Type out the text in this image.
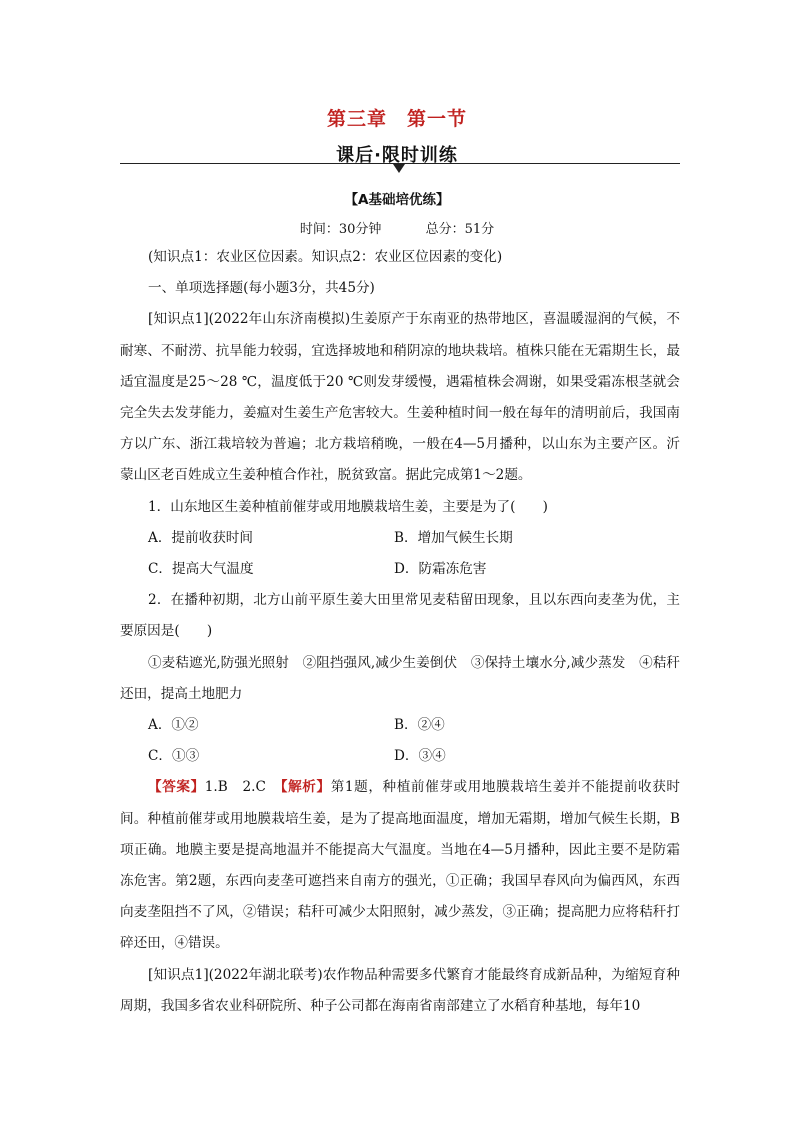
第三章　第一节
课后·限时训练
【A基础培优练】
时间：30分钟	总分：51分

(知识点1：农业区位因素。知识点2：农业区位因素的变化)

一、单项选择题(每小题3分，共45分)

[知识点1](2022年山东济南模拟)生姜原产于东南亚的热带地区，喜温暖湿润的气候，不耐寒、不耐涝、抗旱能力较弱，宜选择坡地和稍阴凉的地块栽培。植株只能在无霜期生长，最适宜温度是25～28 ℃，温度低于20 ℃则发芽缓慢，遇霜植株会凋谢，如果受霜冻根茎就会完全失去发芽能力，姜瘟对生姜生产危害较大。生姜种植时间一般在每年的清明前后，我国南方以广东、浙江栽培较为普遍；北方栽培稍晚，一般在4—5月播种，以山东为主要产区。沂蒙山区老百姓成立生姜种植合作社，脱贫致富。据此完成第1～2题。

1．山东地区生姜种植前催芽或用地膜栽培生姜，主要是为了(　　)

A．提前收获时间	B．增加气候生长期
C．提高大气温度	D．防霜冻危害

2．在播种初期，北方山前平原生姜大田里常见麦秸留田现象，且以东西向麦垄为优，主要原因是(　　)

①麦秸遮光,防强光照射　②阻挡强风,减少生姜倒伏　③保持土壤水分,减少蒸发　④秸秆还田，提高土地肥力

A．①②	B．②④
C．①③	D．③④

【答案】1.B　2.C　【解析】第1题，种植前催芽或用地膜栽培生姜并不能提前收获时间。种植前催芽或用地膜栽培生姜，是为了提高地面温度，增加无霜期，增加气候生长期，B项正确。地膜主要是提高地温并不能提高大气温度。当地在4—5月播种，因此主要不是防霜冻危害。第2题，东西向麦垄可遮挡来自南方的强光，①正确；我国早春风向为偏西风，东西向麦垄阻挡不了风，②错误；秸秆可减少太阳照射，减少蒸发，③正确；提高肥力应将秸秆打碎还田，④错误。

[知识点1](2022年湖北联考)农作物品种需要多代繁育才能最终育成新品种，为缩短育种周期，我国多省农业科研院所、种子公司都在海南省南部建立了水稻育种基地，每年10
